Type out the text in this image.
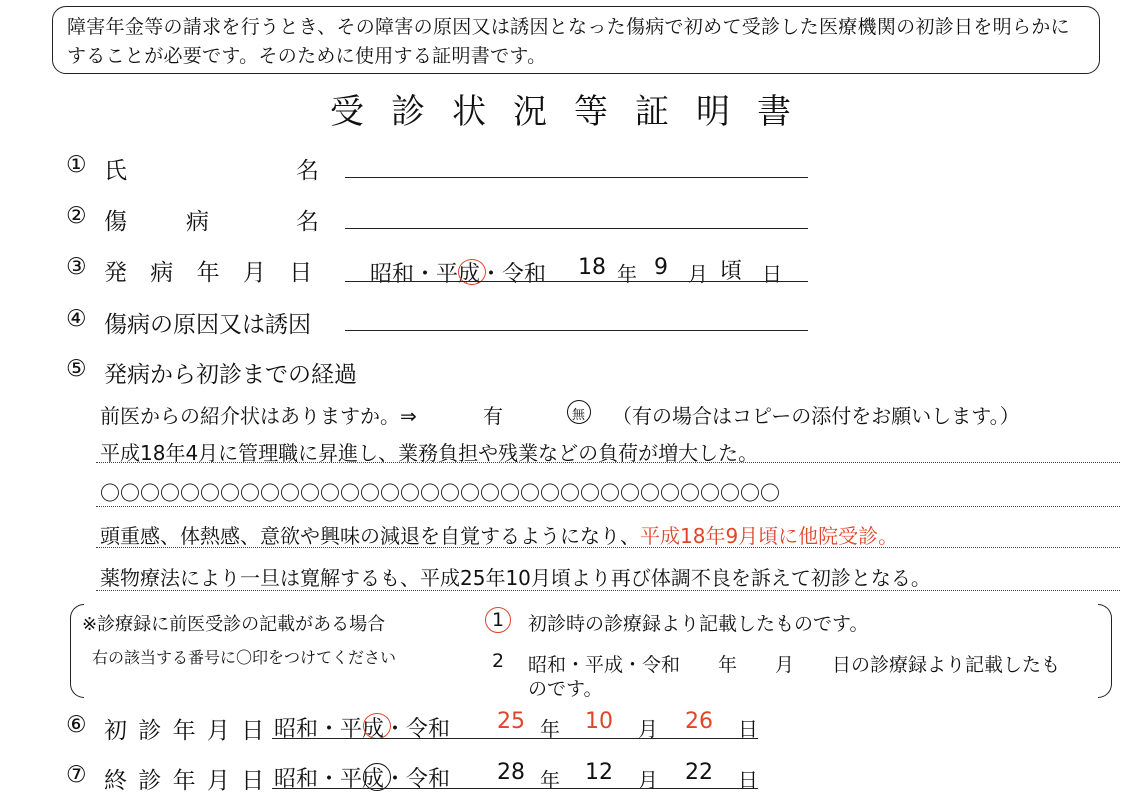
障害年金等の請求を行うとき、その障害の原因又は誘因となった傷病で初めて受診した医療機関の初診日を明らかにすることが必要です。そのために使用する証明書です。
受診状況等証明書
① 氏	名
② 傷	病	名
③ 発 病 年 月 日 昭和・平成・令和 18 年 9 月 頃 日
④ 傷病の原因又は誘因
⑤ 発病から初診までの経過
前医からの紹介状はありますか。⇒	有	無 （有の場合はコピーの添付をお願いします。）
平成18年4月に管理職に昇進し、業務負担や残業などの負荷が増大した。
〇〇〇〇〇〇〇〇〇〇〇〇〇〇〇〇〇〇〇〇〇〇〇〇〇〇〇〇〇〇〇〇〇〇
頭重感、体熱感、意欲や興味の減退を自覚するようになり、平成18年9月頃に他院受診。
薬物療法により一旦は寛解するも、平成25年10月頃より再び体調不良を訴えて初診となる。
※診療録に前医受診の記載がある場合
右の該当する番号に〇印をつけてください
1 初診時の診療録より記載したものです。
2 昭和・平成・令和　　年　　月　　日の診療録より記載したも
のです。
⑥ 初 診 年 月 日 昭和・平成・令和 25 年 10 月 26 日
⑦ 終 診 年 月 日 昭和・平成・令和 28 年 12 月 22 日
